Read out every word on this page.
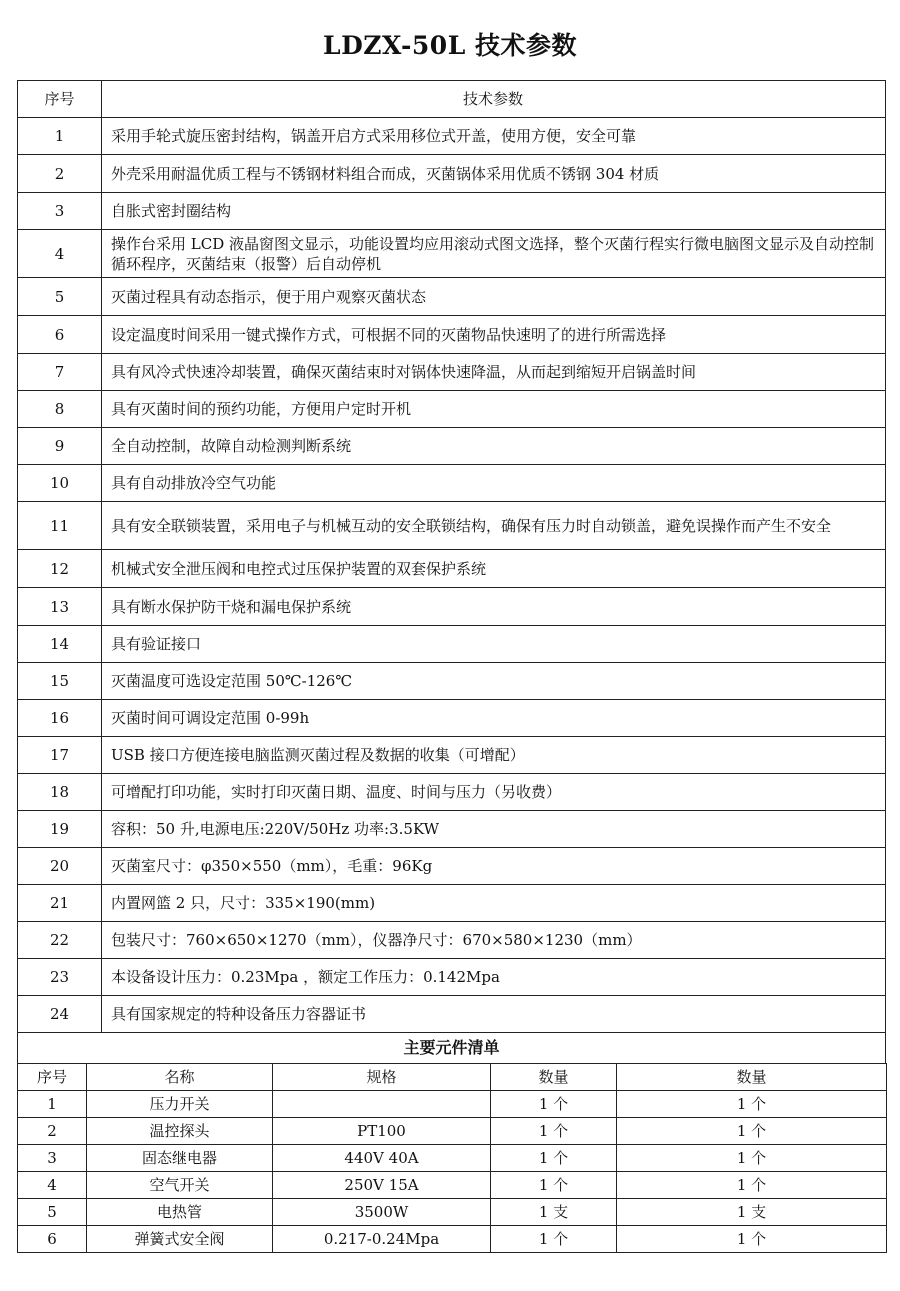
LDZX-50L 技术参数
序号	技术参数
1	采用手轮式旋压密封结构，锅盖开启方式采用移位式开盖，使用方便，安全可靠
2	外壳采用耐温优质工程与不锈钢材料组合而成，灭菌锅体采用优质不锈钢 304 材质
3	自胀式密封圈结构
4	操作台采用 LCD 液晶窗图文显示，功能设置均应用滚动式图文选择，整个灭菌行程实行微电脑图文显示及自动控制循环程序，灭菌结束（报警）后自动停机
5	灭菌过程具有动态指示，便于用户观察灭菌状态
6	设定温度时间采用一键式操作方式，可根据不同的灭菌物品快速明了的进行所需选择
7	具有风冷式快速冷却装置，确保灭菌结束时对锅体快速降温，从而起到缩短开启锅盖时间
8	具有灭菌时间的预约功能，方便用户定时开机
9	全自动控制，故障自动检测判断系统
10	具有自动排放冷空气功能
11	具有安全联锁装置，采用电子与机械互动的安全联锁结构，确保有压力时自动锁盖，避免误操作而产生不安全
12	机械式安全泄压阀和电控式过压保护装置的双套保护系统
13	具有断水保护防干烧和漏电保护系统
14	具有验证接口
15	灭菌温度可选设定范围 50℃-126℃
16	灭菌时间可调设定范围 0-99h
17	USB 接口方便连接电脑监测灭菌过程及数据的收集（可增配）
18	可增配打印功能，实时打印灭菌日期、温度、时间与压力（另收费）
19	容积：50 升,电源电压:220V/50Hz 功率:3.5KW
20	灭菌室尺寸：φ350×550（mm），毛重：96Kg
21	内置网篮 2 只，尺寸：335×190(mm)
22	包装尺寸：760×650×1270（mm），仪器净尺寸：670×580×1230（mm）
23	本设备设计压力：0.23Mpa ，额定工作压力：0.142Mpa
24	具有国家规定的特种设备压力容器证书
主要元件清单
序号	名称	规格	数量	数量
1	压力开关		1 个	1 个
2	温控探头	PT100	1 个	1 个
3	固态继电器	440V 40A	1 个	1 个
4	空气开关	250V 15A	1 个	1 个
5	电热管	3500W	1 支	1 支
6	弹簧式安全阀	0.217-0.24Mpa	1 个	1 个
